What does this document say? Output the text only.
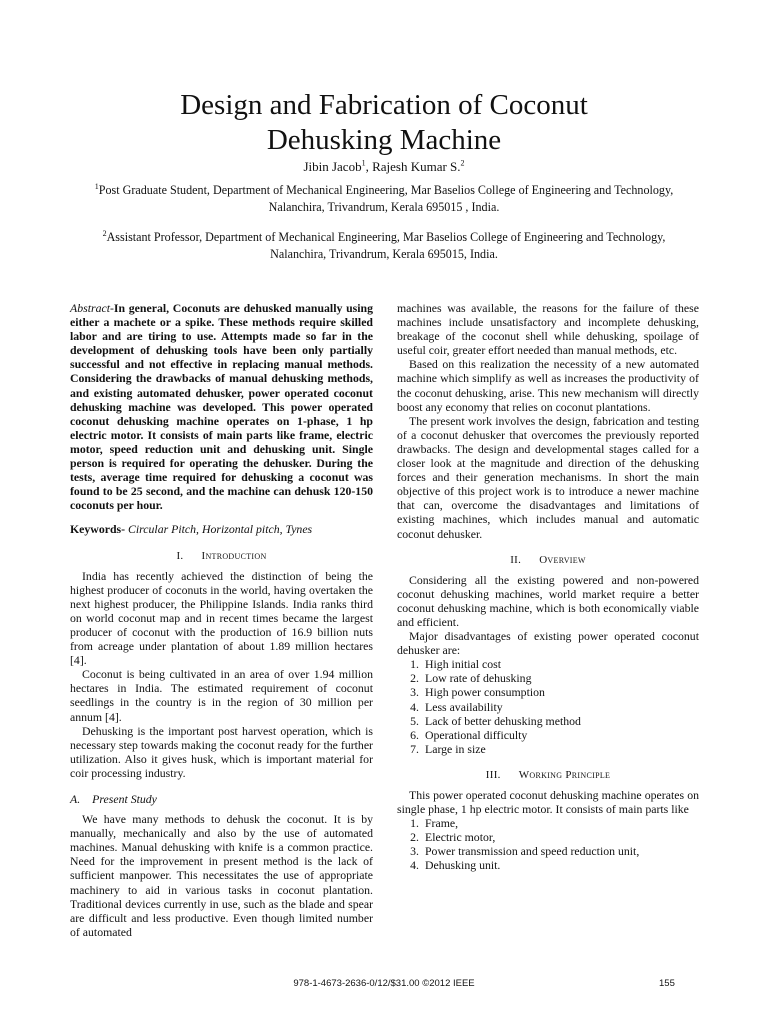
Design and Fabrication of Coconut
Dehusking Machine
Jibin Jacob$^1$, Rajesh Kumar S.$^2$
$^1$Post Graduate Student, Department of Mechanical Engineering, Mar Baselios College of Engineering and Technology,
Nalanchira, Trivandrum, Kerala 695015 , India.
$^2$Assistant Professor, Department of Mechanical Engineering, Mar Baselios College of Engineering and Technology,
Nalanchira, Trivandrum, Kerala 695015, India.

Abstract-In general, Coconuts are dehusked manually using either a machete or a spike. These methods require skilled labor and are tiring to use. Attempts made so far in the development of dehusking tools have been only partially successful and not effective in replacing manual methods. Considering the drawbacks of manual dehusking methods, and existing automated dehusker, power operated coconut dehusking machine was developed. This power operated coconut dehusking machine operates on 1-phase, 1 hp electric motor. It consists of main parts like frame, electric motor, speed reduction unit and dehusking unit. Single person is required for operating the dehusker. During the tests, average time required for dehusking a coconut was found to be 25 second, and the machine can dehusk 120-150 coconuts per hour.

Keywords- Circular Pitch, Horizontal pitch, Tynes

I. Introduction

India has recently achieved the distinction of being the highest producer of coconuts in the world, having overtaken the next highest producer, the Philippine Islands. India ranks third on world coconut map and in recent times became the largest producer of coconut with the production of 16.9 billion nuts from acreage under plantation of about 1.89 million hectares [4].

Coconut is being cultivated in an area of over 1.94 million hectares in India. The estimated requirement of coconut seedlings in the country is in the region of 30 million per annum [4].

Dehusking is the important post harvest operation, which is necessary step towards making the coconut ready for the further utilization. Also it gives husk, which is important material for coir processing industry.

A. Present Study

We have many methods to dehusk the coconut. It is by manually, mechanically and also by the use of automated machines. Manual dehusking with knife is a common practice. Need for the improvement in present method is the lack of sufficient manpower. This necessitates the use of appropriate machinery to aid in various tasks in coconut plantation. Traditional devices currently in use, such as the blade and spear are difficult and less productive. Even though limited number of automated

machines was available, the reasons for the failure of these machines include unsatisfactory and incomplete dehusking, breakage of the coconut shell while dehusking, spoilage of useful coir, greater effort needed than manual methods, etc.

Based on this realization the necessity of a new automated machine which simplify as well as increases the productivity of the coconut dehusking, arise. This new mechanism will directly boost any economy that relies on coconut plantations.

The present work involves the design, fabrication and testing of a coconut dehusker that overcomes the previously reported drawbacks. The design and developmental stages called for a closer look at the magnitude and direction of the dehusking forces and their generation mechanisms. In short the main objective of this project work is to introduce a newer machine that can, overcome the disadvantages and limitations of existing machines, which includes manual and automatic coconut dehusker.

II. Overview

Considering all the existing powered and non-powered coconut dehusking machines, world market require a better coconut dehusking machine, which is both economically viable and efficient.

Major disadvantages of existing power operated coconut dehusker are:

1. High initial cost
2. Low rate of dehusking
3. High power consumption
4. Less availability
5. Lack of better dehusking method
6. Operational difficulty
7. Large in size
III. Working Principle

This power operated coconut dehusking machine operates on single phase, 1 hp electric motor. It consists of main parts like

1. Frame,
2. Electric motor,
3. Power transmission and speed reduction unit,
4. Dehusking unit.
978-1-4673-2636-0/12/$31.00 ©2012 IEEE	155
